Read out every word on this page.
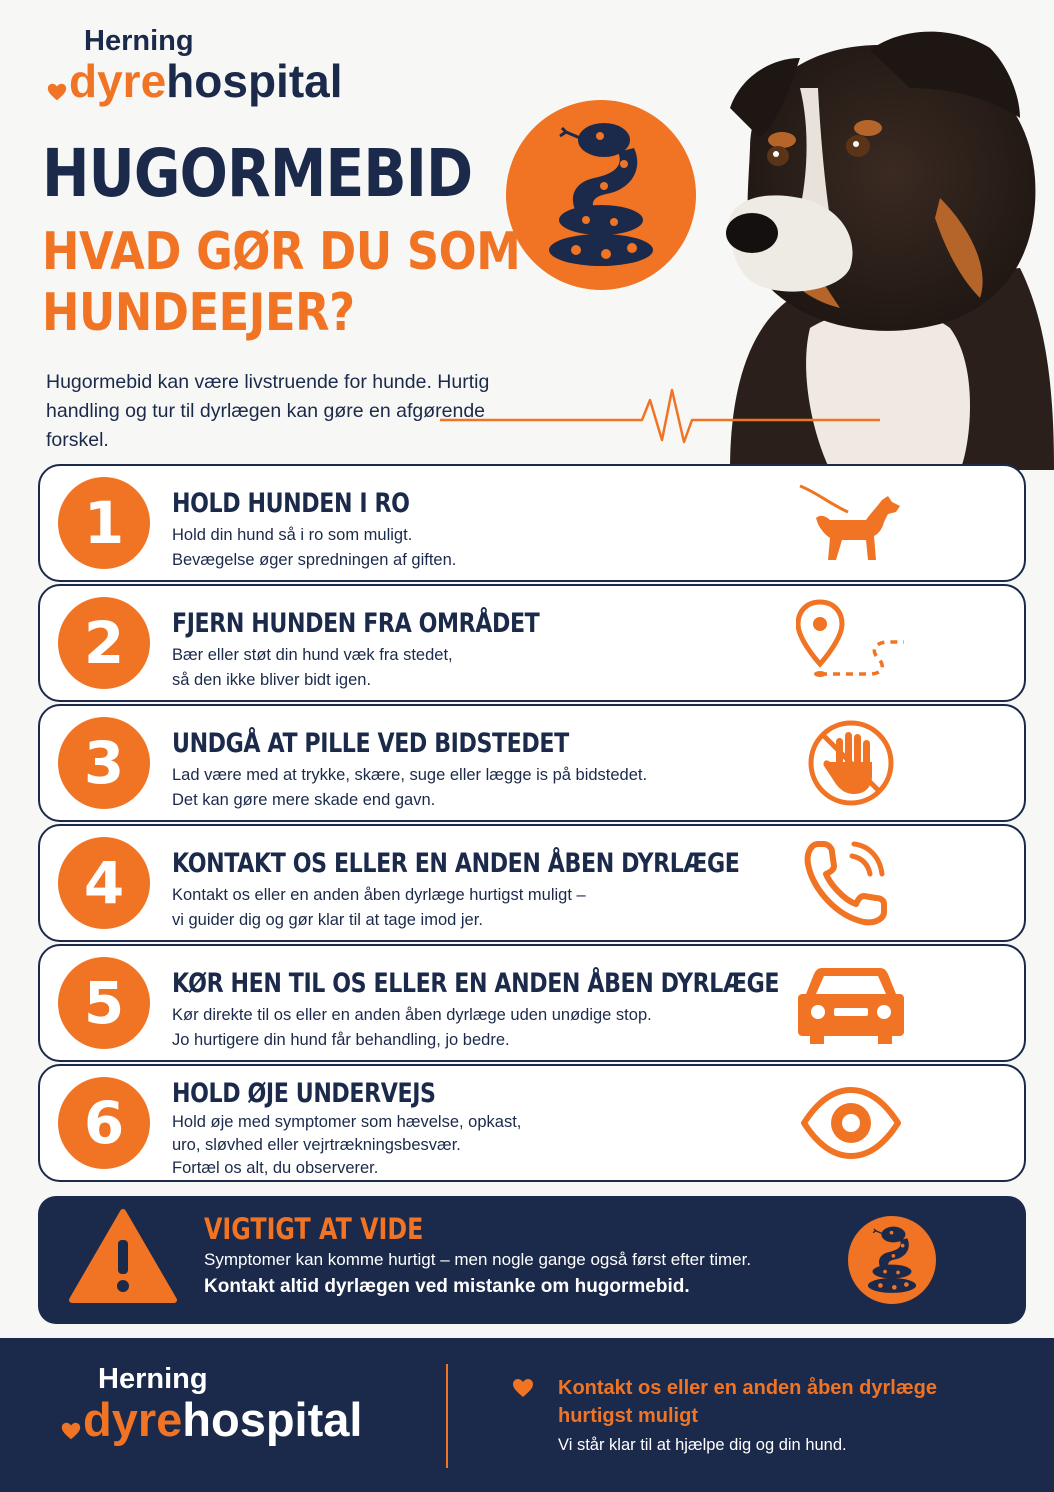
Herning
dyre hospital
HUGORMEBID
HVAD GØR DU SOM HUNDEEJER?

Hugormebid kan være livstruende for hunde. Hurtig handling og tur til dyrlægen kan gøre en afgørende forskel.

1	HOLD HUNDEN I RO
Hold din hund så i ro som muligt.
Bevægelse øger spredningen af giften.
2	FJERN HUNDEN FRA OMRÅDET
Bær eller støt din hund væk fra stedet,
så den ikke bliver bidt igen.
3	UNDGÅ AT PILLE VED BIDSTEDET
Lad være med at trykke, skære, suge eller lægge is på bidstedet.
Det kan gøre mere skade end gavn.
4	KONTAKT OS ELLER EN ANDEN ÅBEN DYRLÆGE
Kontakt os eller en anden åben dyrlæge hurtigst muligt –
vi guider dig og gør klar til at tage imod jer.
5	KØR HEN TIL OS ELLER EN ANDEN ÅBEN DYRLÆGE
Kør direkte til os eller en anden åben dyrlæge uden unødige stop.
Jo hurtigere din hund får behandling, jo bedre.
6	HOLD ØJE UNDERVEJS
Hold øje med symptomer som hævelse, opkast,
uro, sløvhed eller vejrtrækningsbesvær.
Fortæl os alt, du observerer.
VIGTIGT AT VIDE
Symptomer kan komme hurtigt – men nogle gange også først efter timer.
Kontakt altid dyrlægen ved mistanke om hugormebid.
Herning
dyre hospital
Kontakt os eller en anden åben dyrlæge hurtigst muligt
Vi står klar til at hjælpe dig og din hund.
